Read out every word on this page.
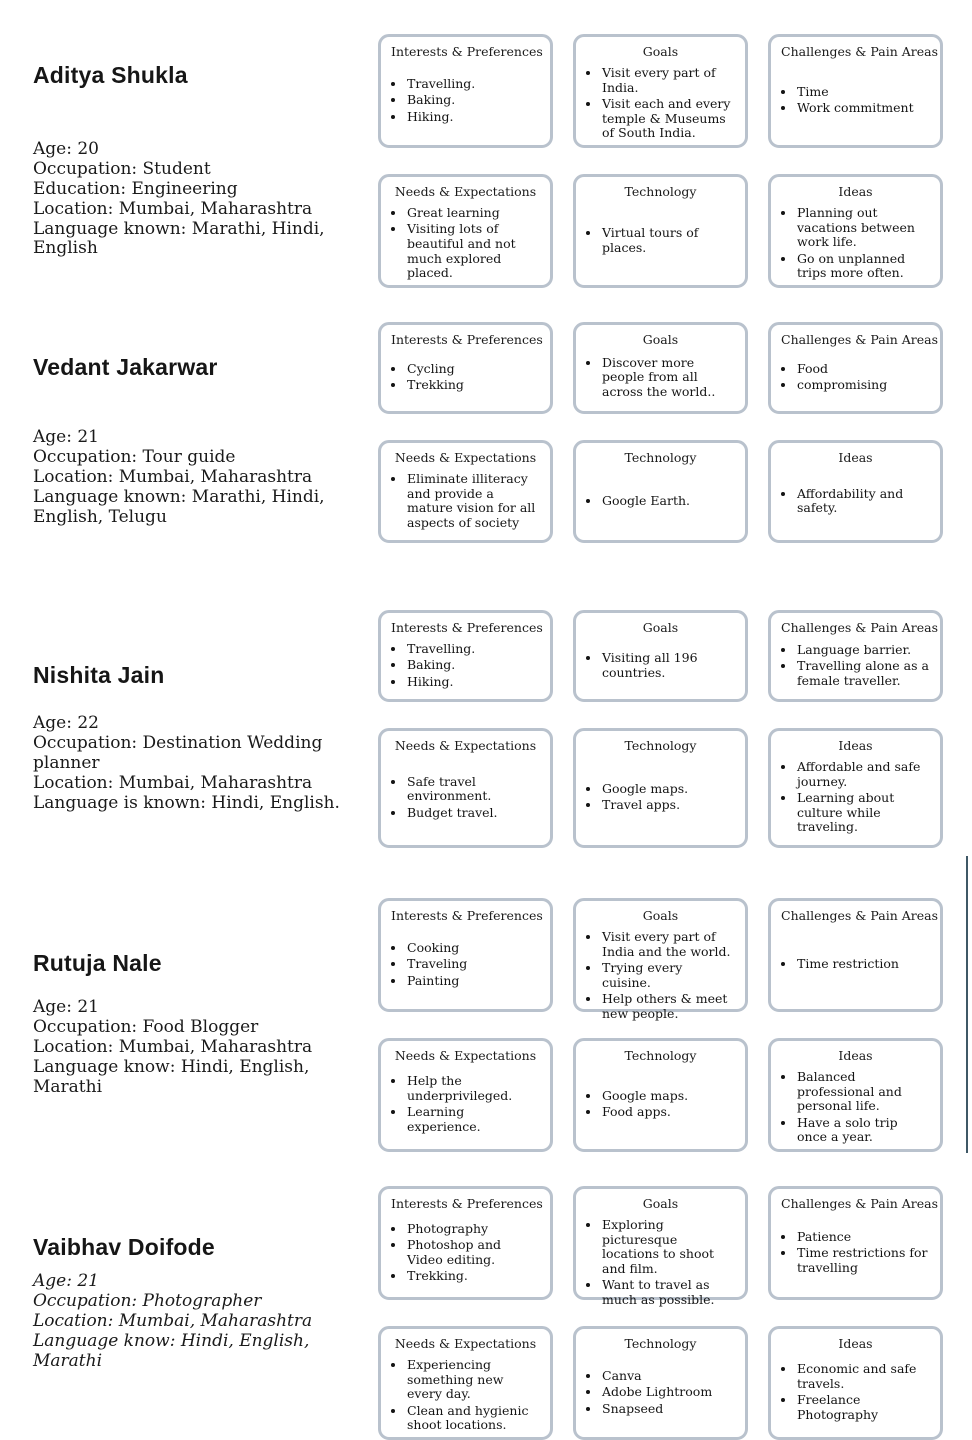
Aditya Shukla
Age: 20
Occupation: Student
Education: Engineering
Location: Mumbai, Maharashtra
Language known: Marathi, Hindi, English
Interests & Preferences
• Travelling.
• Baking.
• Hiking.
Goals
• Visit every part of India.
• Visit each and every temple & Museums of South India.
Challenges & Pain Areas
• Time
• Work commitment
Needs & Expectations
• Great learning
• Visiting lots of beautiful and not much explored placed.
Technology
• Virtual tours of places.
Ideas
• Planning out vacations between work life.
• Go on unplanned trips more often.
Vedant Jakarwar
Age: 21
Occupation: Tour guide
Location: Mumbai, Maharashtra
Language known: Marathi, Hindi, English, Telugu
Interests & Preferences
• Cycling
• Trekking
Goals
• Discover more people from all across the world..
Challenges & Pain Areas
• Food
• compromising
Needs & Expectations
• Eliminate illiteracy and provide a mature vision for all aspects of society
Technology
• Google Earth.
Ideas
• Affordability and safety.
Nishita Jain
Age: 22
Occupation: Destination Wedding planner
Location: Mumbai, Maharashtra
Language is known: Hindi, English.
Interests & Preferences
• Travelling.
• Baking.
• Hiking.
Goals
• Visiting all 196 countries.
Challenges & Pain Areas
• Language barrier.
• Travelling alone as a female traveller.
Needs & Expectations
• Safe travel environment.
• Budget travel.
Technology
• Google maps.
• Travel apps.
Ideas
• Affordable and safe journey.
• Learning about culture while traveling.
Rutuja Nale
Age: 21
Occupation: Food Blogger
Location: Mumbai, Maharashtra
Language know: Hindi, English, Marathi
Interests & Preferences
• Cooking
• Traveling
• Painting
Goals
• Visit every part of India and the world.
• Trying every cuisine.
• Help others & meet new people.
Challenges & Pain Areas
• Time restriction
Needs & Expectations
• Help the underprivileged.
• Learning experience.
Technology
• Google maps.
• Food apps.
Ideas
• Balanced professional and personal life.
• Have a solo trip once a year.
Vaibhav Doifode
Age: 21
Occupation: Photographer
Location: Mumbai, Maharashtra
Language know: Hindi, English, Marathi
Interests & Preferences
• Photography
• Photoshop and Video editing.
• Trekking.
Goals
• Exploring picturesque locations to shoot and film.
• Want to travel as much as possible.
Challenges & Pain Areas
• Patience
• Time restrictions for travelling
Needs & Expectations
• Experiencing something new every day.
• Clean and hygienic shoot locations.
Technology
• Canva
• Adobe Lightroom
• Snapseed
Ideas
• Economic and safe travels.
• Freelance Photography
